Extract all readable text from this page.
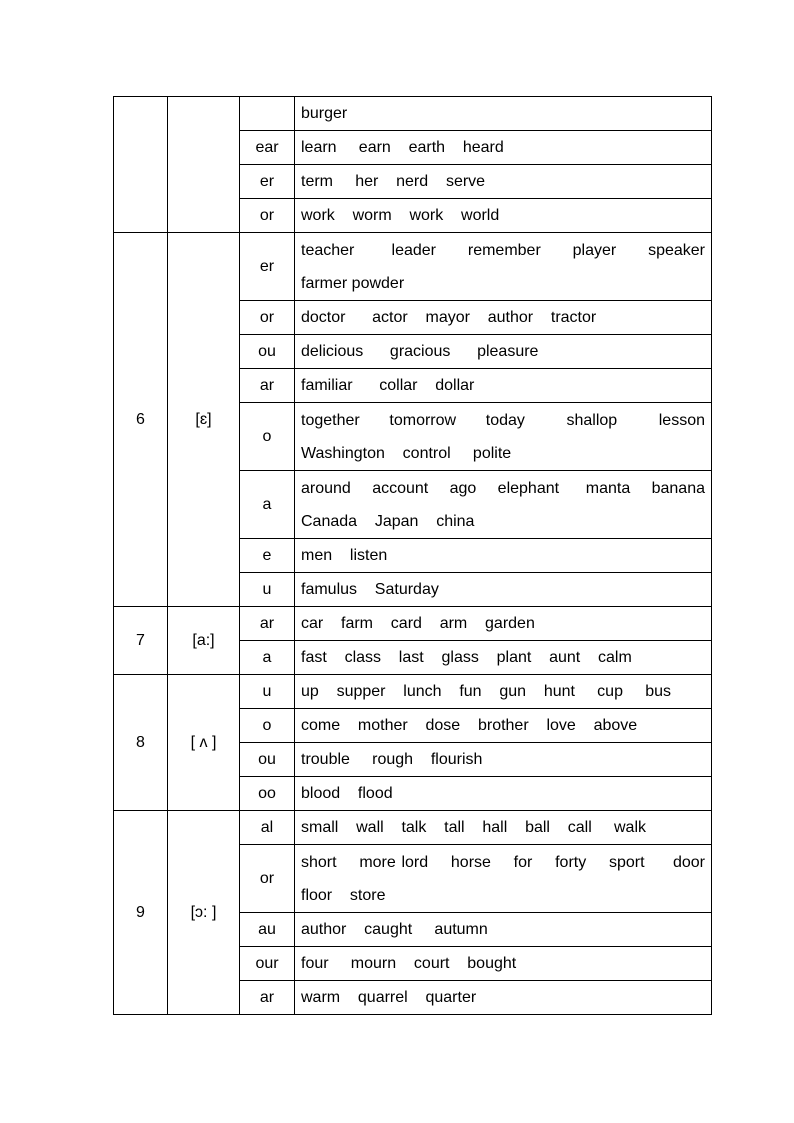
			burger
		ear	learn     earn    earth    heard
		er	term     her    nerd    serve
		or	work    worm    work    world
6	[ɛ]	er	teacher       leader      remember      player      speaker      farmer powder

		or	doctor      actor    mayor    author    tractor
		ou	delicious      gracious      pleasure
		ar	familiar      collar    dollar
		o	together     tomorrow     today       shallop       lesson      Washington    control     polite

		a	around    account    ago    elephant     manta    banana      Canada    Japan    china

		e	men    listen
		u	famulus    Saturday
7	[a:]	ar	car    farm    card    arm    garden
		a	fast    class    last    glass    plant    aunt    calm
8	[ ʌ ]	u	up    supper    lunch    fun    gun    hunt     cup     bus
		o	come    mother    dose    brother    love    above
		ou	trouble     rough    flourish
		oo	blood    flood
9	[ɔ: ]	al	small    wall    talk    tall    hall    ball    call     walk
		or	short    more lord    horse    for    forty    sport     door      floor    store

		au	author    caught     autumn
		our	four     mourn    court    bought
		ar	warm    quarrel    quarter
